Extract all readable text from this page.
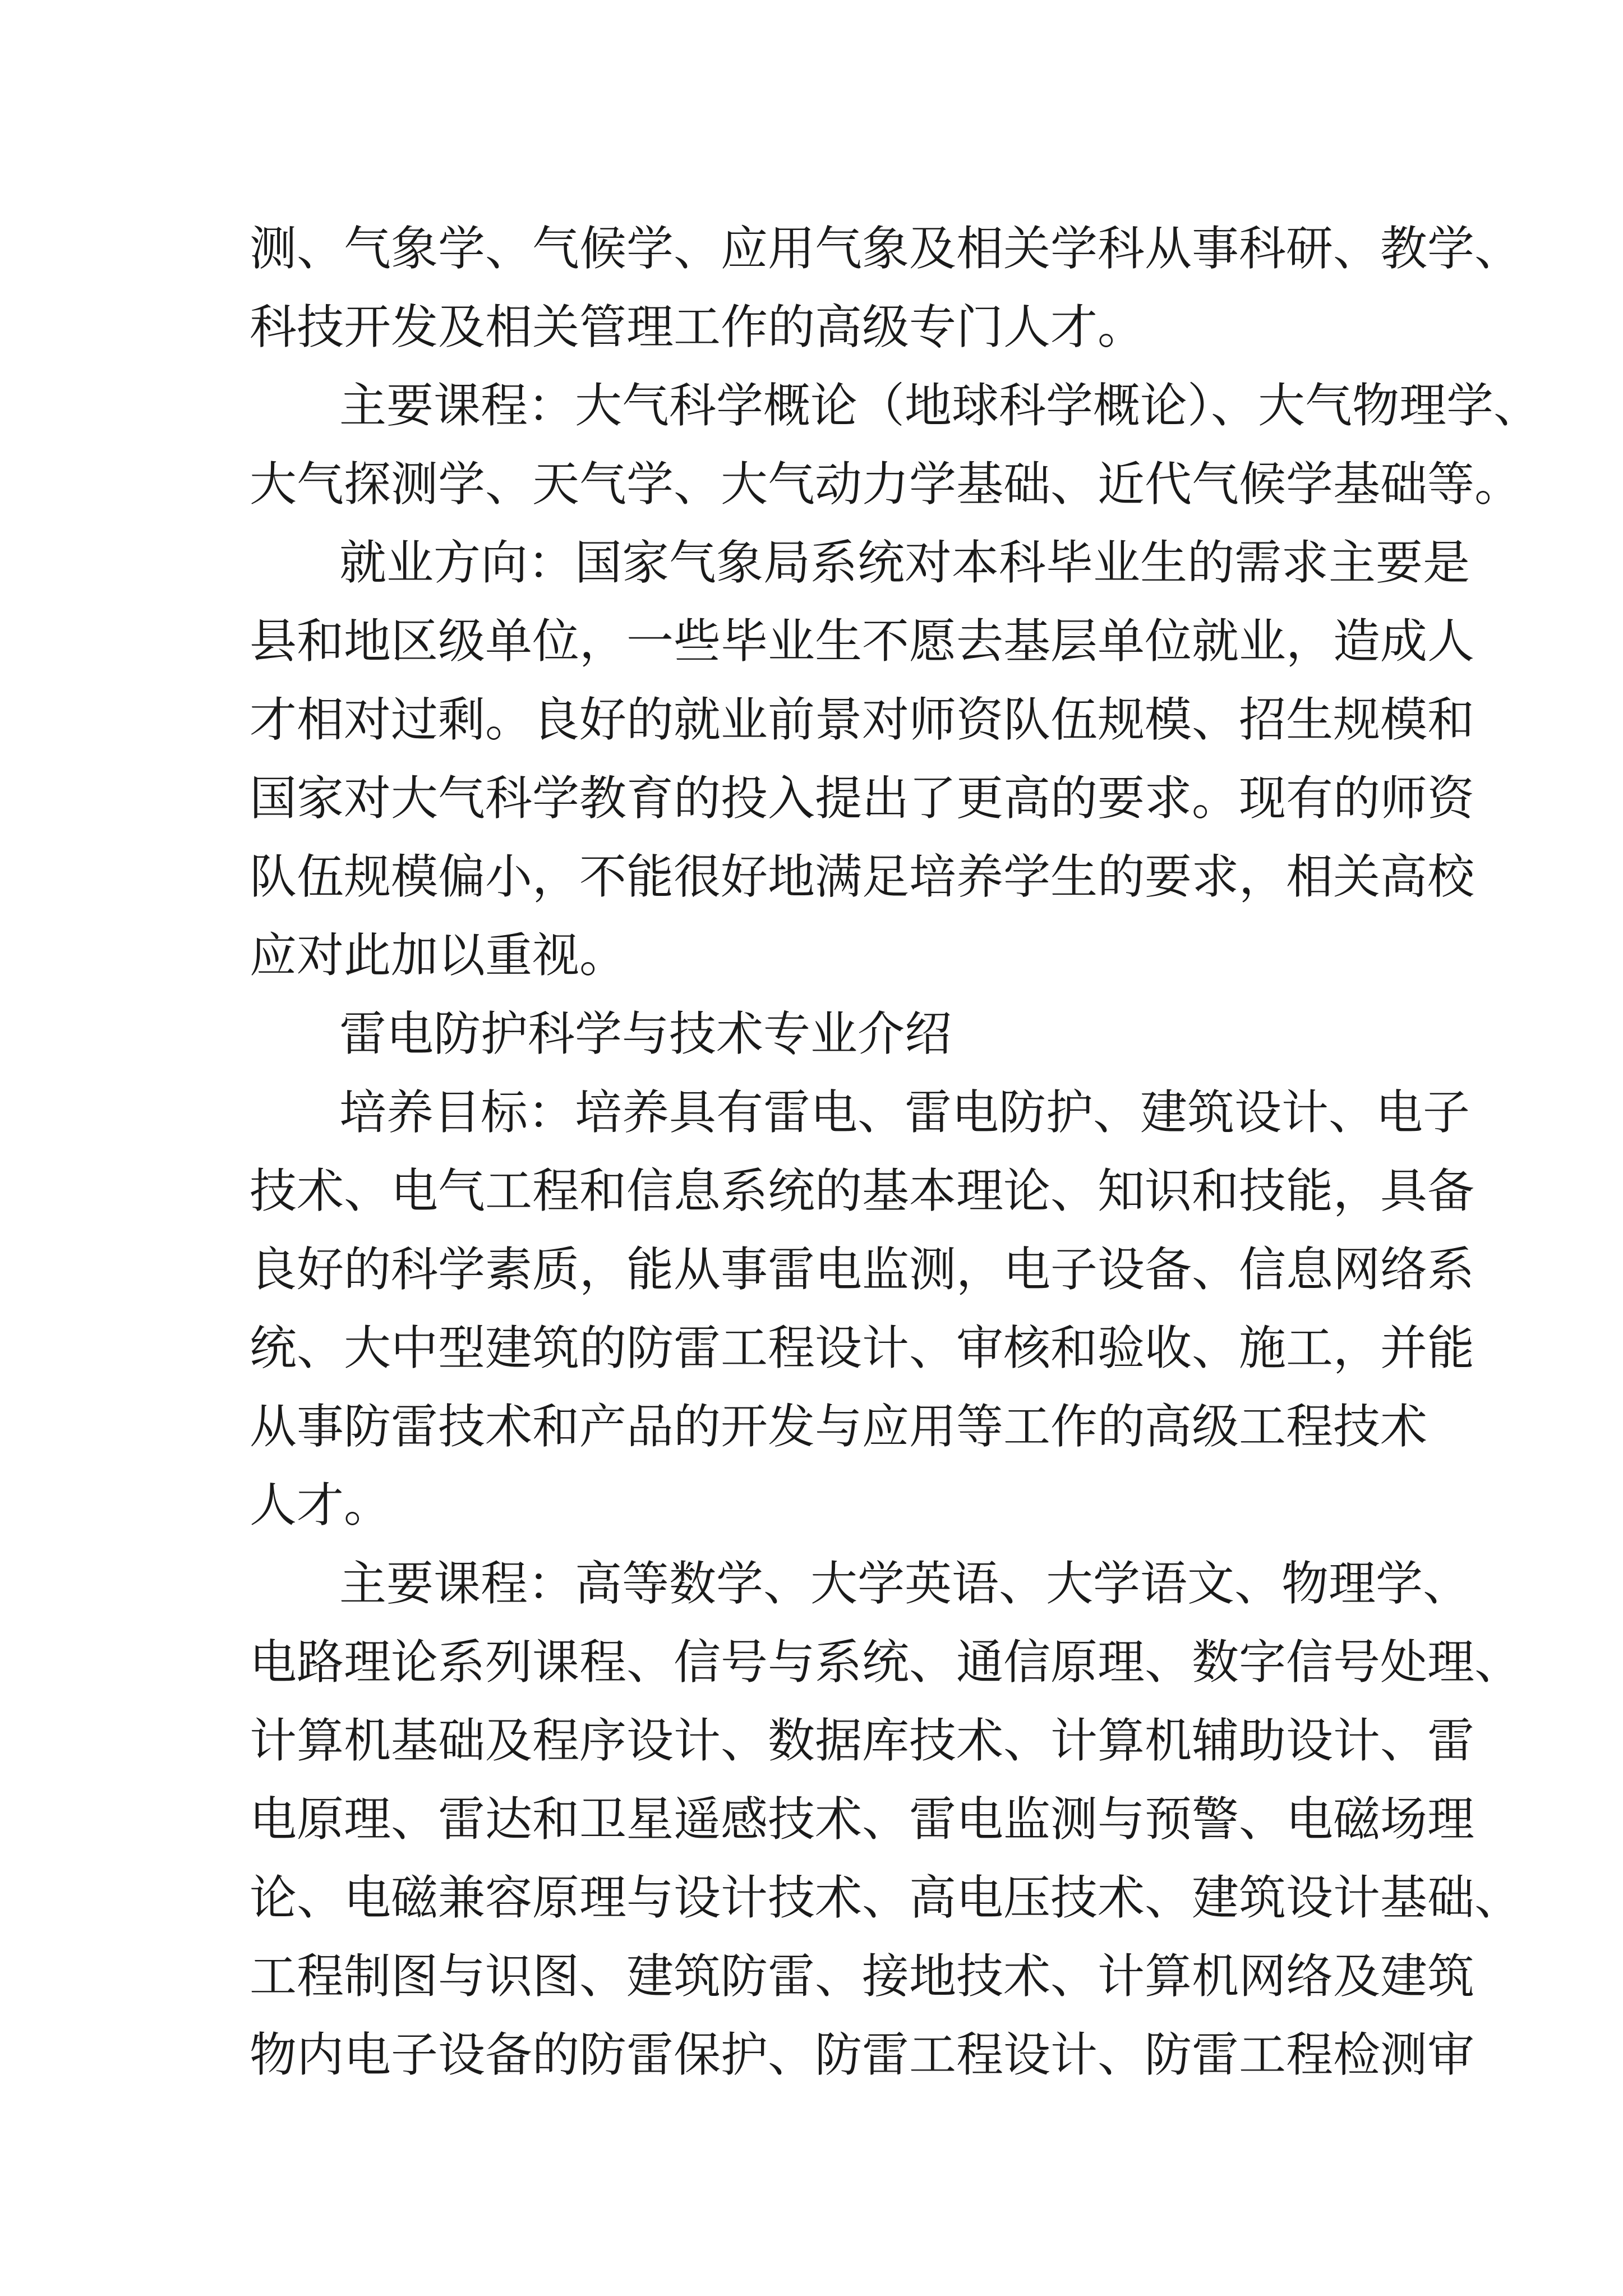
测、气象学、气候学、应用气象及相关学科从事科研、教学、
科技开发及相关管理工作的高级专门人才。
主要课程：大气科学概论（地球科学概论）、大气物理学、
大气探测学、天气学、大气动力学基础、近代气候学基础等。
就业方向：国家气象局系统对本科毕业生的需求主要是
县和地区级单位，一些毕业生不愿去基层单位就业，造成人
才相对过剩。良好的就业前景对师资队伍规模、招生规模和
国家对大气科学教育的投入提出了更高的要求。现有的师资
队伍规模偏小，不能很好地满足培养学生的要求，相关高校
应对此加以重视。
雷电防护科学与技术专业介绍
培养目标：培养具有雷电、雷电防护、建筑设计、电子
技术、电气工程和信息系统的基本理论、知识和技能，具备
良好的科学素质，能从事雷电监测，电子设备、信息网络系
统、大中型建筑的防雷工程设计、审核和验收、施工，并能
从事防雷技术和产品的开发与应用等工作的高级工程技术
人才。
主要课程：高等数学、大学英语、大学语文、物理学、
电路理论系列课程、信号与系统、通信原理、数字信号处理、
计算机基础及程序设计、数据库技术、计算机辅助设计、雷
电原理、雷达和卫星遥感技术、雷电监测与预警、电磁场理
论、电磁兼容原理与设计技术、高电压技术、建筑设计基础、
工程制图与识图、建筑防雷、接地技术、计算机网络及建筑
物内电子设备的防雷保护、防雷工程设计、防雷工程检测审
